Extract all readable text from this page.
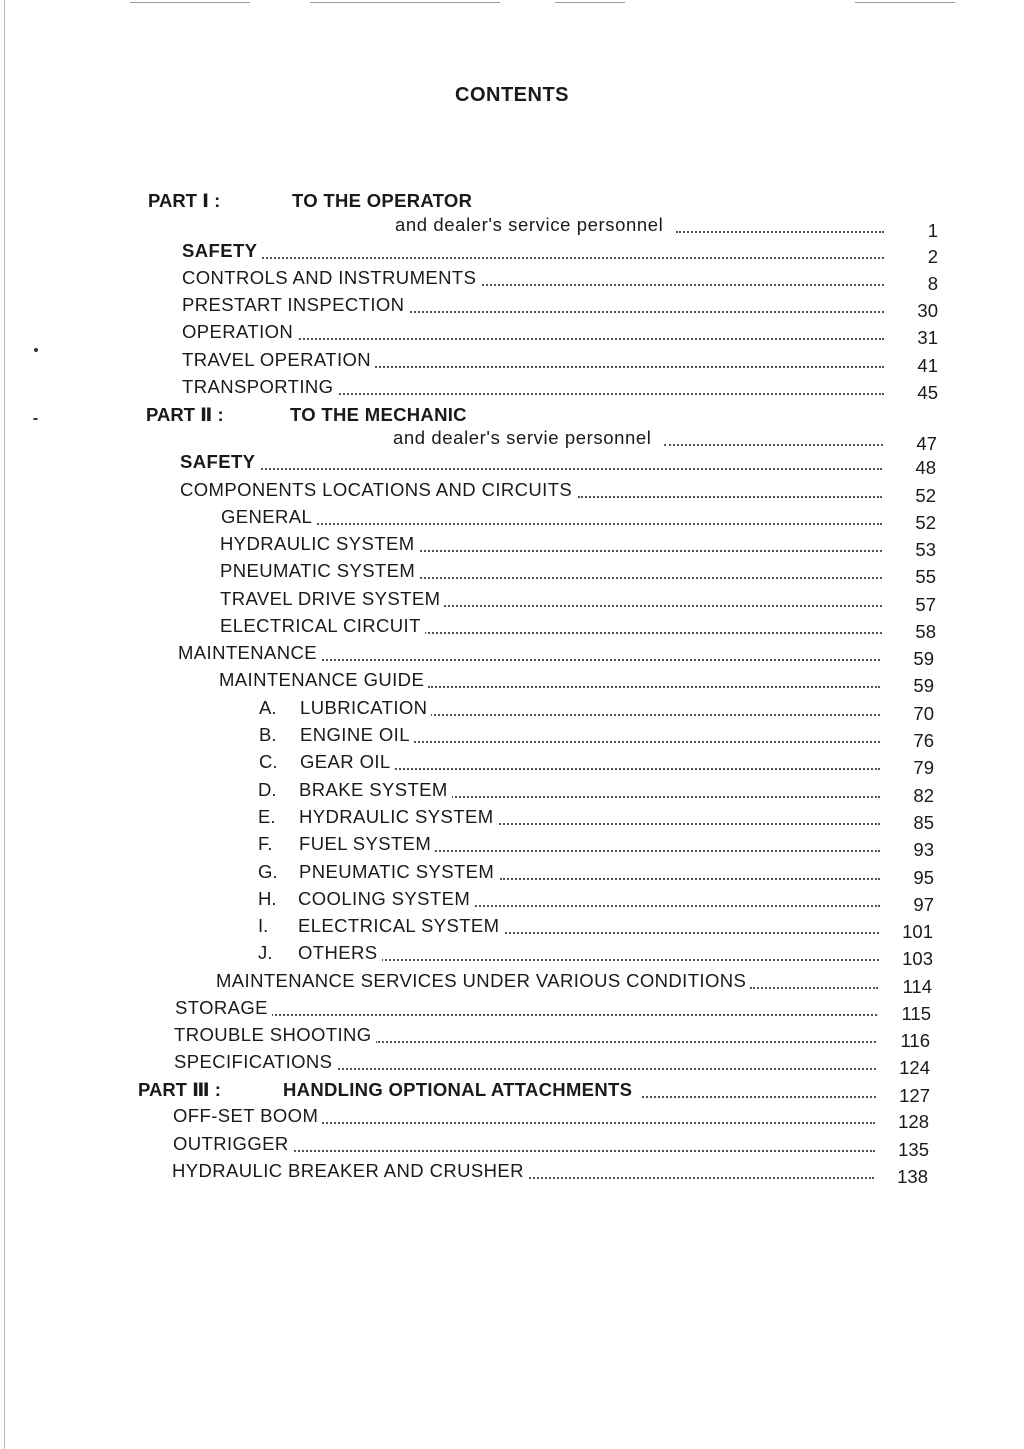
CONTENTS
PART Ⅰ :	TO THE OPERATOR
and dealer's service personnel	1
SAFETY	2
CONTROLS AND INSTRUMENTS	8
PRESTART INSPECTION	30
OPERATION	31
TRAVEL OPERATION	41
TRANSPORTING	45
PART Ⅱ :	TO THE MECHANIC
and dealer's servie personnel	47
SAFETY	48
COMPONENTS LOCATIONS AND CIRCUITS	52
GENERAL	52
HYDRAULIC SYSTEM	53
PNEUMATIC SYSTEM	55
TRAVEL DRIVE SYSTEM	57
ELECTRICAL CIRCUIT	58
MAINTENANCE	59
MAINTENANCE GUIDE	59
A. LUBRICATION	70
B. ENGINE OIL	76
C. GEAR OIL	79
D. BRAKE SYSTEM	82
E. HYDRAULIC SYSTEM	85
F. FUEL SYSTEM	93
G. PNEUMATIC SYSTEM	95
H. COOLING SYSTEM	97
I. ELECTRICAL SYSTEM	101
J. OTHERS	103
MAINTENANCE SERVICES UNDER VARIOUS CONDITIONS	114
STORAGE	115
TROUBLE SHOOTING	116
SPECIFICATIONS	124
PART Ⅲ :	HANDLING OPTIONAL ATTACHMENTS	127
OFF-SET BOOM	128
OUTRIGGER	135
HYDRAULIC BREAKER AND CRUSHER	138
